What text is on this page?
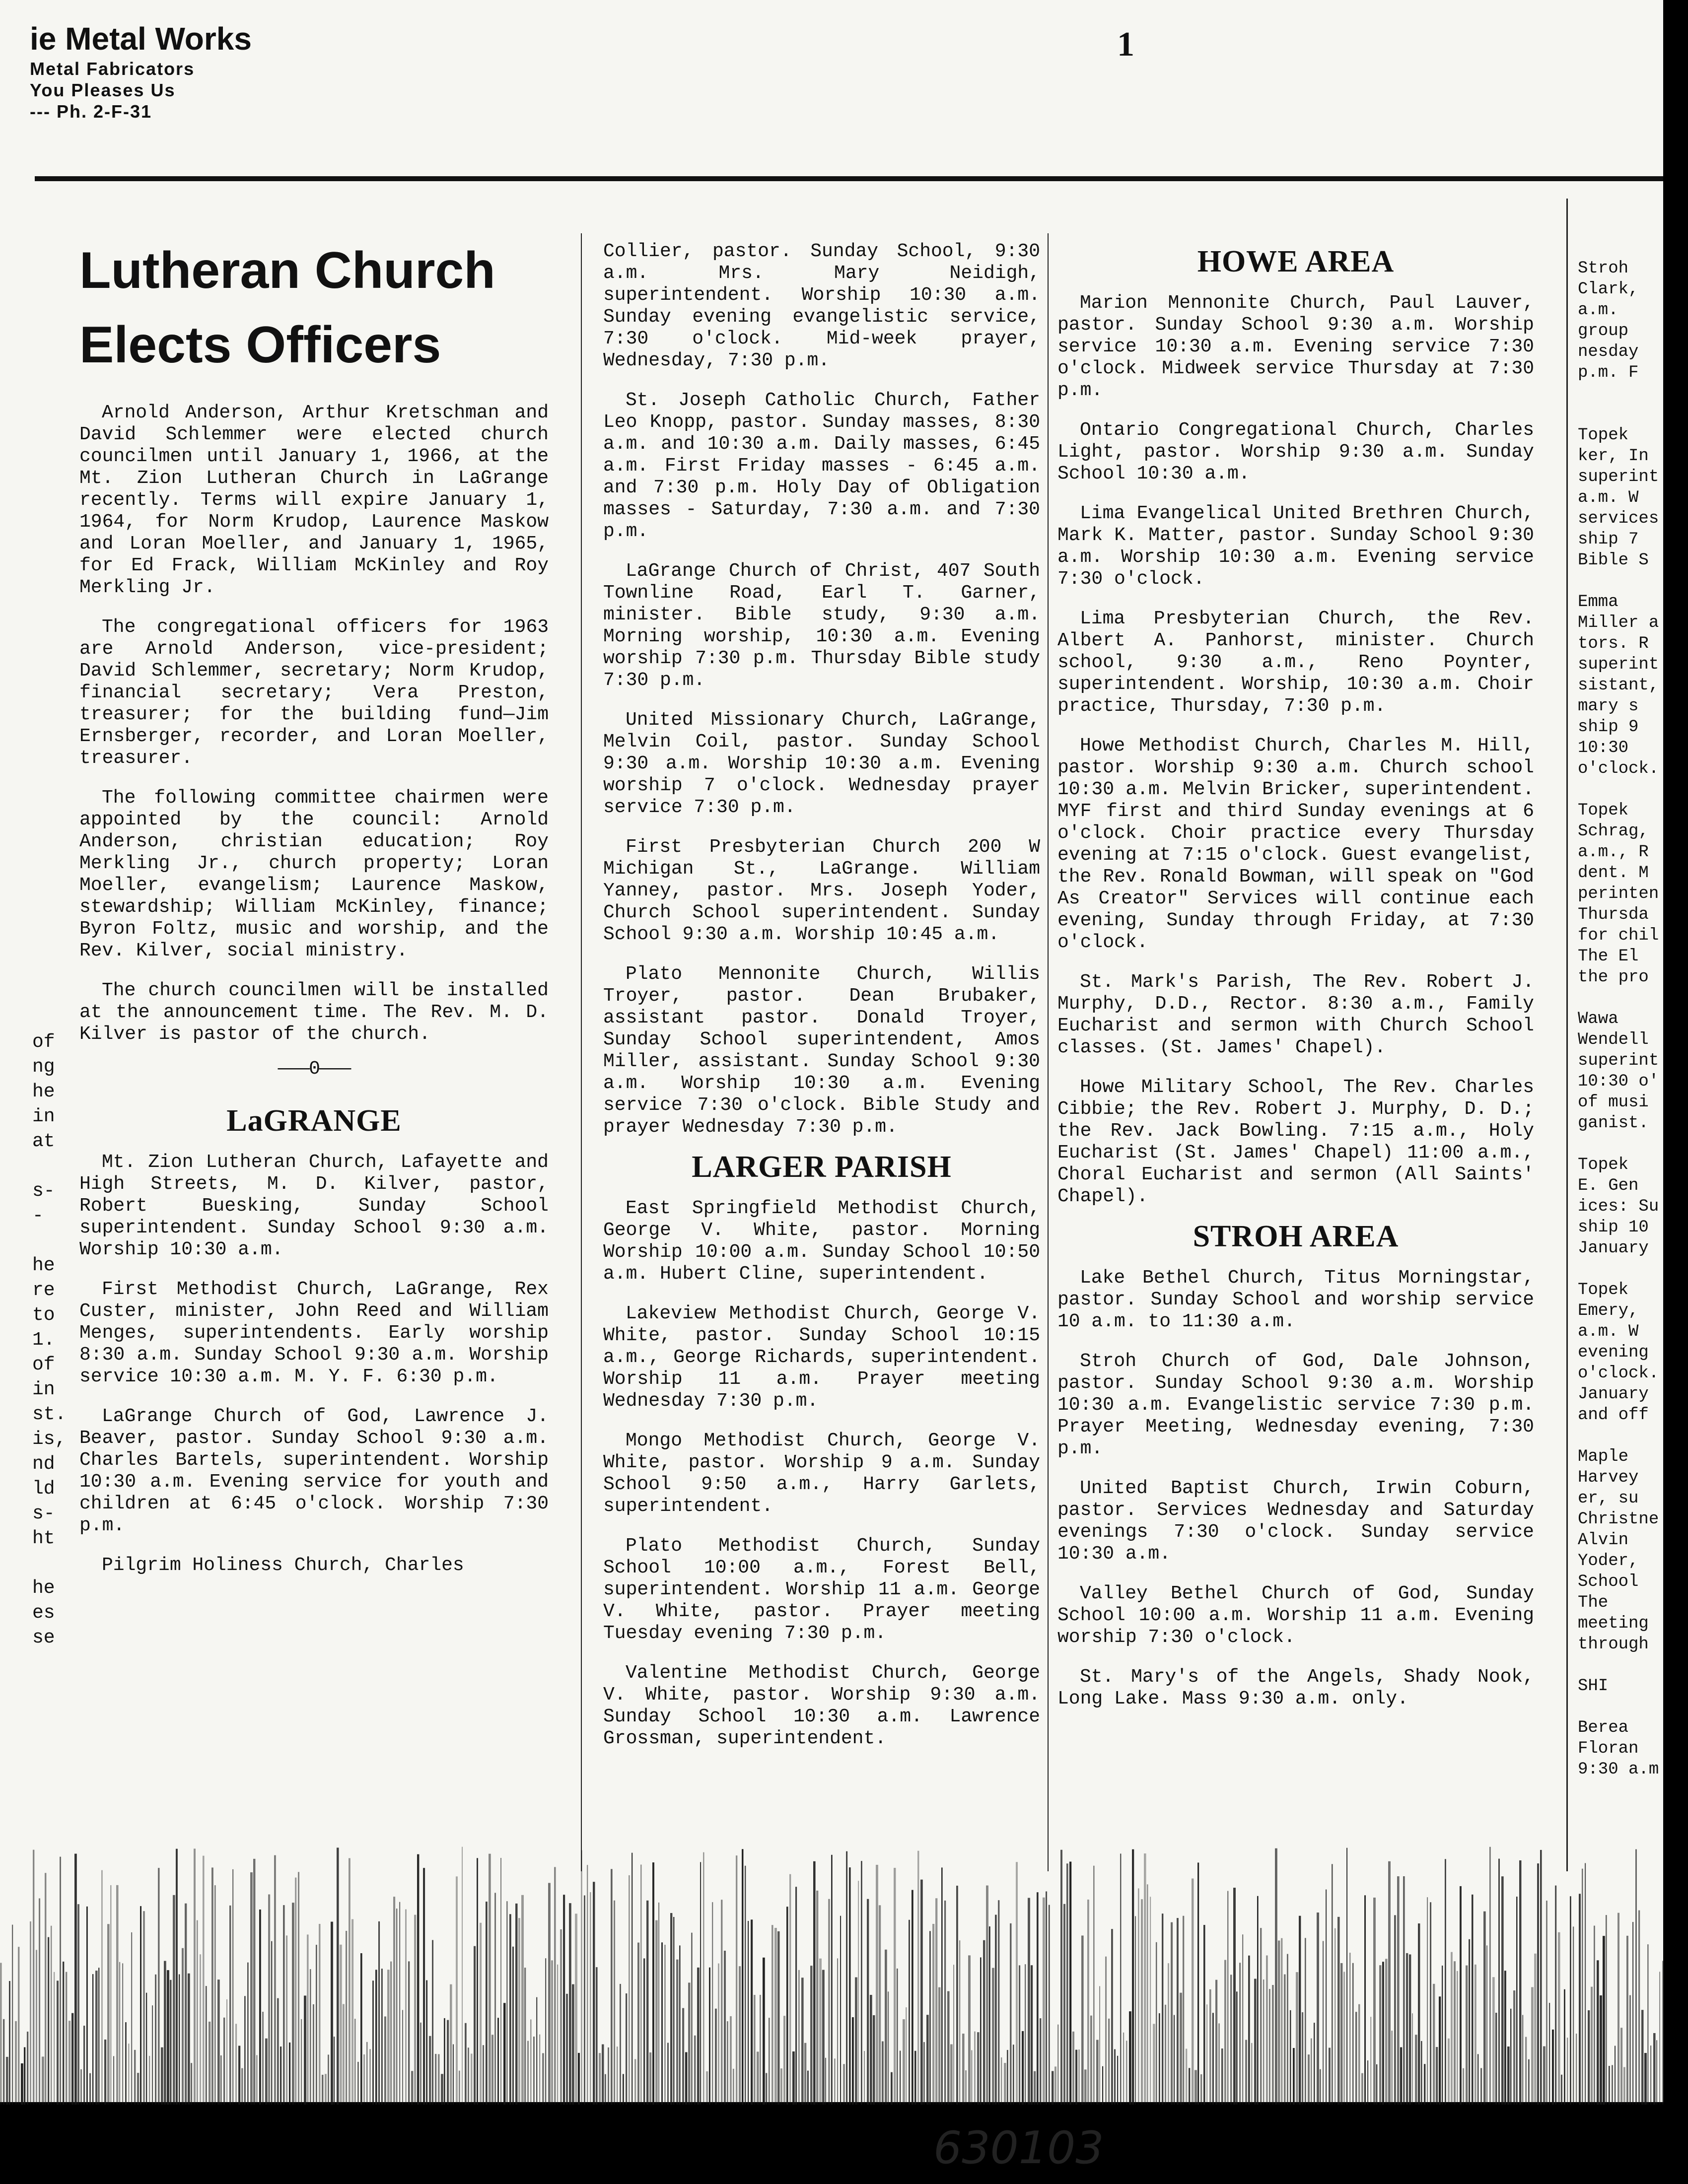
ie Metal Works
Metal Fabricators
You Pleases Us
--- Ph. 2-F-31
1
of
ng
he
in
at

s--

he
re
to
1.
of
in
st.
is,
nd
ld
s-
ht

he
es
se
Lutheran Church
Elects Officers

Arnold Anderson, Arthur Kretschman and David Schlemmer were elected church councilmen until January 1, 1966, at the Mt. Zion Lutheran Church in LaGrange recently. Terms will expire January 1, 1964, for Norm Krudop, Laurence Maskow and Loran Moeller, and January 1, 1965, for Ed Frack, William McKinley and Roy Merkling Jr.

The congregational officers for 1963 are Arnold Anderson, vice-president; David Schlemmer, secretary; Norm Krudop, financial secretary; Vera Preston, treasurer; for the building fund—Jim Ernsberger, recorder, and Loran Moeller, treasurer.

The following committee chairmen were appointed by the council: Arnold Anderson, christian education; Roy Merkling Jr., church property; Loran Moeller, evangelism; Laurence Maskow, stewardship; William McKinley, finance; Byron Foltz, music and worship, and the Rev. Kilver, social ministry.

The church councilmen will be installed at the announcement time. The Rev. M. D. Kilver is pastor of the church.

———0———
LaGRANGE

Mt. Zion Lutheran Church, Lafayette and High Streets, M. D. Kilver, pastor, Robert Buesking, Sunday School superintendent. Sunday School 9:30 a.m. Worship 10:30 a.m.

First Methodist Church, LaGrange, Rex Custer, minister, John Reed and William Menges, superintendents. Early worship 8:30 a.m. Sunday School 9:30 a.m. Worship service 10:30 a.m. M. Y. F. 6:30 p.m.

LaGrange Church of God, Lawrence J. Beaver, pastor. Sunday School 9:30 a.m. Charles Bartels, superintendent. Worship 10:30 a.m. Evening service for youth and children at 6:45 o'clock. Worship 7:30 p.m.

Pilgrim Holiness Church, Charles

Collier, pastor. Sunday School, 9:30 a.m. Mrs. Mary Neidigh, superintendent. Worship 10:30 a.m. Sunday evening evangelistic service, 7:30 o'clock. Mid-week prayer, Wednesday, 7:30 p.m.

St. Joseph Catholic Church, Father Leo Knopp, pastor. Sunday masses, 8:30 a.m. and 10:30 a.m. Daily masses, 6:45 a.m. First Friday masses - 6:45 a.m. and 7:30 p.m. Holy Day of Obligation masses - Saturday, 7:30 a.m. and 7:30 p.m.

LaGrange Church of Christ, 407 South Townline Road, Earl T. Garner, minister. Bible study, 9:30 a.m. Morning worship, 10:30 a.m. Evening worship 7:30 p.m. Thursday Bible study 7:30 p.m.

United Missionary Church, LaGrange, Melvin Coil, pastor. Sunday School 9:30 a.m. Worship 10:30 a.m. Evening worship 7 o'clock. Wednesday prayer service 7:30 p.m.

First Presbyterian Church 200 W Michigan St., LaGrange. William Yanney, pastor. Mrs. Joseph Yoder, Church School superintendent. Sunday School 9:30 a.m. Worship 10:45 a.m.

Plato Mennonite Church, Willis Troyer, pastor. Dean Brubaker, assistant pastor. Donald Troyer, Sunday School superintendent, Amos Miller, assistant. Sunday School 9:30 a.m. Worship 10:30 a.m. Evening service 7:30 o'clock. Bible Study and prayer Wednesday 7:30 p.m.

LARGER PARISH

East Springfield Methodist Church, George V. White, pastor. Morning Worship 10:00 a.m. Sunday School 10:50 a.m. Hubert Cline, superintendent.

Lakeview Methodist Church, George V. White, pastor. Sunday School 10:15 a.m., George Richards, superintendent. Worship 11 a.m. Prayer meeting Wednesday 7:30 p.m.

Mongo Methodist Church, George V. White, pastor. Worship 9 a.m. Sunday School 9:50 a.m., Harry Garlets, superintendent.

Plato Methodist Church, Sunday School 10:00 a.m., Forest Bell, superintendent. Worship 11 a.m. George V. White, pastor. Prayer meeting Tuesday evening 7:30 p.m.

Valentine Methodist Church, George V. White, pastor. Worship 9:30 a.m. Sunday School 10:30 a.m. Lawrence Grossman, superintendent.

HOWE AREA

Marion Mennonite Church, Paul Lauver, pastor. Sunday School 9:30 a.m. Worship service 10:30 a.m. Evening service 7:30 o'clock. Midweek service Thursday at 7:30 p.m.

Ontario Congregational Church, Charles Light, pastor. Worship 9:30 a.m. Sunday School 10:30 a.m.

Lima Evangelical United Brethren Church, Mark K. Matter, pastor. Sunday School 9:30 a.m. Worship 10:30 a.m. Evening service 7:30 o'clock.

Lima Presbyterian Church, the Rev. Albert A. Panhorst, minister. Church school, 9:30 a.m., Reno Poynter, superintendent. Worship, 10:30 a.m. Choir practice, Thursday, 7:30 p.m.

Howe Methodist Church, Charles M. Hill, pastor. Worship 9:30 a.m. Church school 10:30 a.m. Melvin Bricker, superintendent. MYF first and third Sunday evenings at 6 o'clock. Choir practice every Thursday evening at 7:15 o'clock. Guest evangelist, the Rev. Ronald Bowman, will speak on "God As Creator" Services will continue each evening, Sunday through Friday, at 7:30 o'clock.

St. Mark's Parish, The Rev. Robert J. Murphy, D.D., Rector. 8:30 a.m., Family Eucharist and sermon with Church School classes. (St. James' Chapel).

Howe Military School, The Rev. Charles Cibbie; the Rev. Robert J. Murphy, D. D.; the Rev. Jack Bowling. 7:15 a.m., Holy Eucharist (St. James' Chapel) 11:00 a.m., Choral Eucharist and sermon (All Saints' Chapel).

STROH AREA

Lake Bethel Church, Titus Morningstar, pastor. Sunday School and worship service 10 a.m. to 11:30 a.m.

Stroh Church of God, Dale Johnson, pastor. Sunday School 9:30 a.m. Worship 10:30 a.m. Evangelistic service 7:30 p.m. Prayer Meeting, Wednesday evening, 7:30 p.m.

United Baptist Church, Irwin Coburn, pastor. Services Wednesday and Saturday evenings 7:30 o'clock. Sunday service 10:30 a.m.

Valley Bethel Church of God, Sunday School 10:00 a.m. Worship 11 a.m. Evening worship 7:30 o'clock.

St. Mary's of the Angels, Shady Nook, Long Lake. Mass 9:30 a.m. only.

Stroh
Clark,
a.m.
group
nesday
p.m. F

Topek
ker, In
superint
a.m. W
services
ship 7
Bible S

Emma
Miller a
tors. R
superint
sistant,
mary s
ship 9
10:30
o'clock.

Topek
Schrag,
a.m., R
dent. M
perinten
Thursda
for chil
The El
the pro

Wawa
Wendell
superint
10:30 o'
of musi
ganist.

Topek
E. Gen
ices: Su
ship 10
January

Topek
Emery,
a.m. W
evening
o'clock.
January
and off

Maple
Harvey
er, su
Christne
Alvin
Yoder,
School
The
meeting
through

SHI

Berea
Floran
9:30 a.m
630103
